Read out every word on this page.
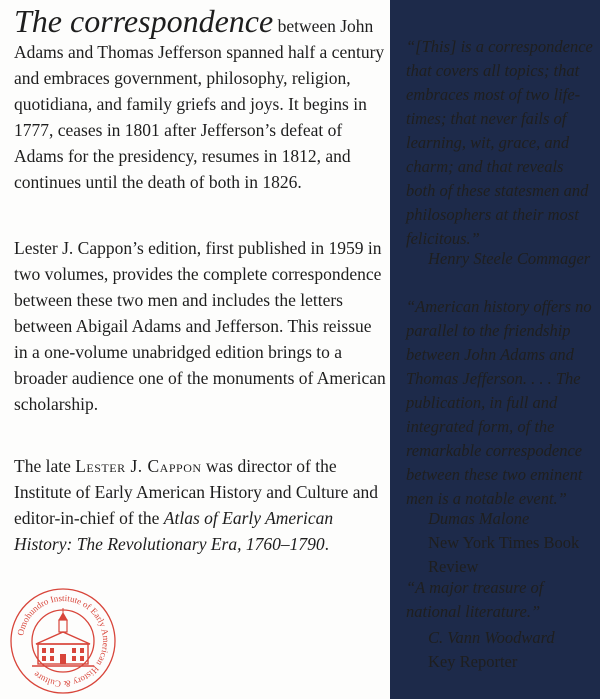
The correspondence between John Adams and Thomas Jefferson spanned half a century and embraces government, philosophy, religion, quotidiana, and family griefs and joys. It begins in 1777, ceases in 1801 after Jefferson’s defeat of Adams for the presidency, resumes in 1812, and continues until the death of both in 1826.

Lester J. Cappon’s edition, first published in 1959 in two volumes, provides the complete correspondence between these two men and includes the letters between Abigail Adams and Jefferson. This reissue in a one-volume unabridged edition brings to a broader audience one of the monuments of American scholarship.

The late Lester J. Cappon was director of the Institute of Early American History and Culture and editor-in-chief of the Atlas of Early American History: The Revolutionary Era, 1760–1790.

Omohundro Institute of Early American History & Culture

“[This] is a correspondence that covers all topics; that embraces most of two life-times; that never fails of learning, wit, grace, and charm; and that reveals both of these statesmen and philosophers at their most felicitous.”

Henry Steele Commager

“American history offers no parallel to the friendship between John Adams and Thomas Jefferson. . . . The publication, in full and integrated form, of the remarkable correspodence between these two eminent men is a notable event.”

Dumas Malone

New York Times Book Review

“A major treasure of national literature.”

C. Vann Woodward

Key Reporter
